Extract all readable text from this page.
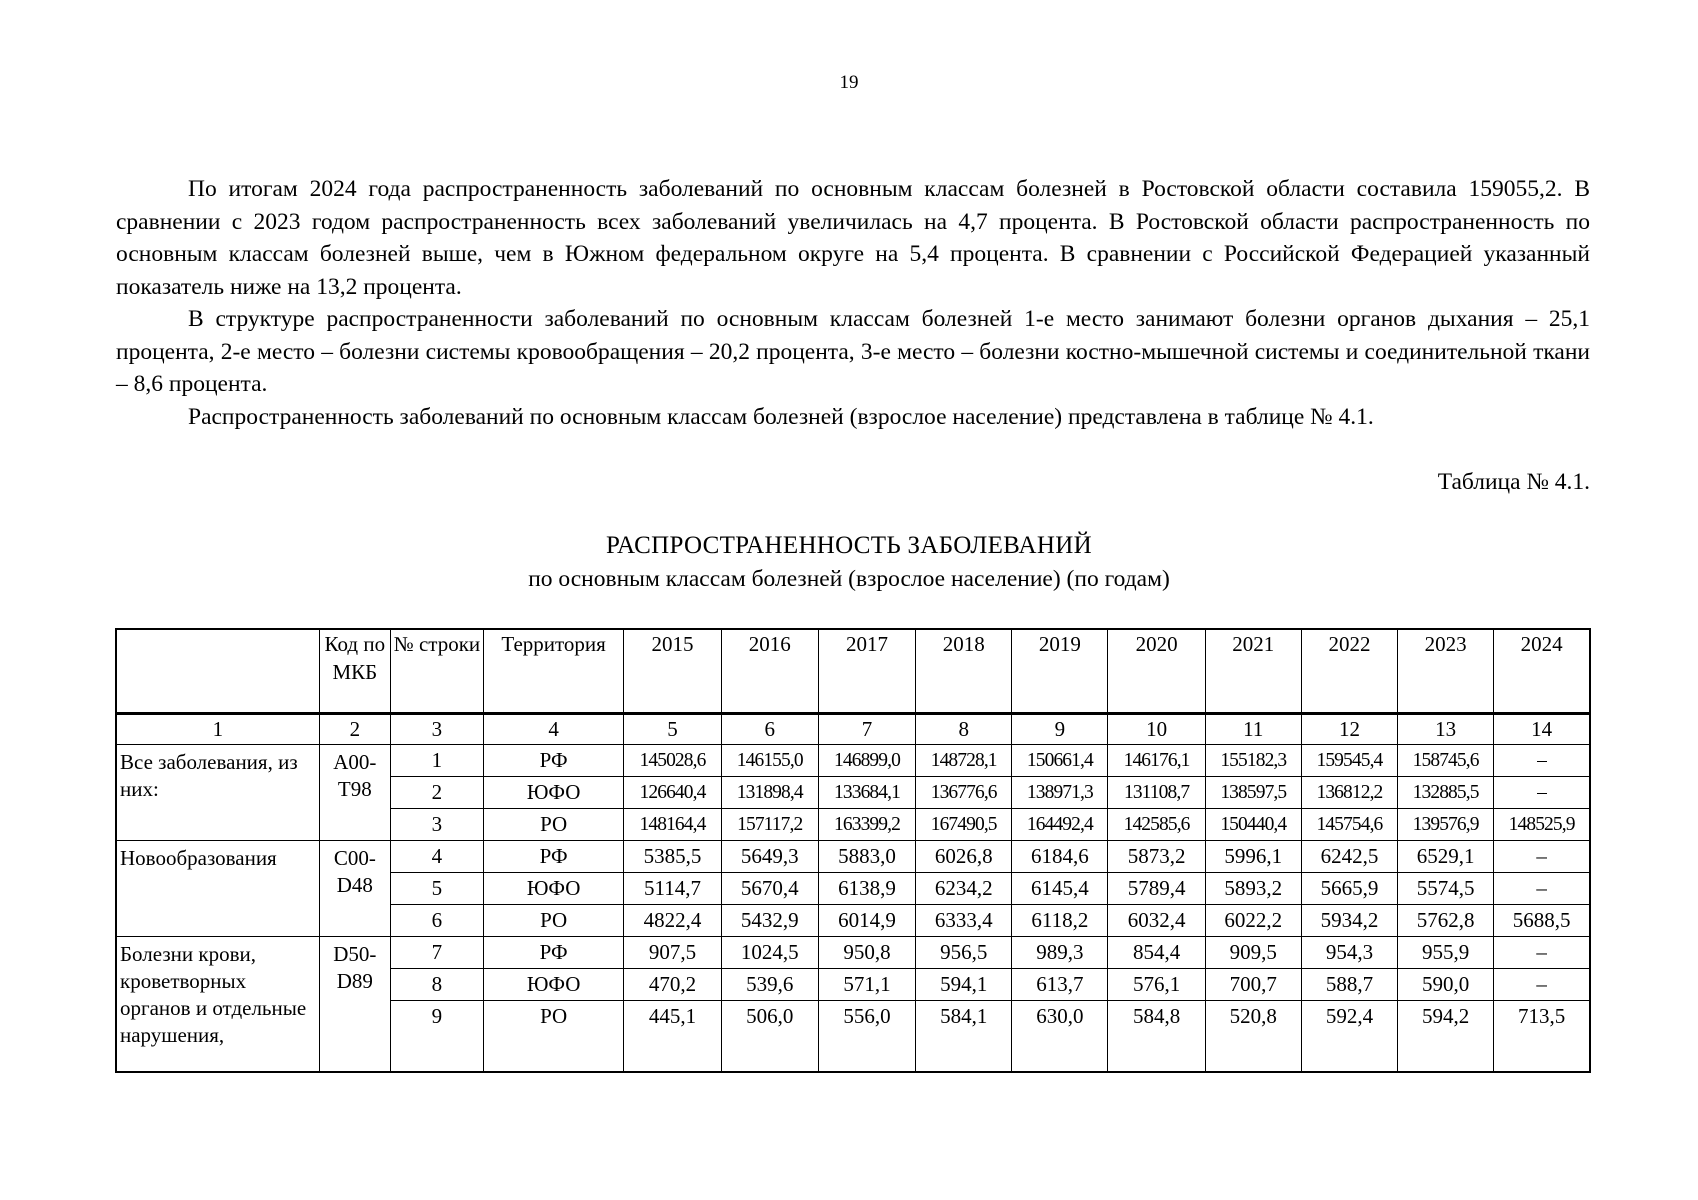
19

По итогам 2024 года распространенность заболеваний по основным классам болезней в Ростовской области составила 159055,2. В сравнении с 2023 годом распространенность всех заболеваний увеличилась на 4,7 процента. В Ростовской области распространенность по основным классам болезней выше, чем в Южном федеральном округе на 5,4 процента. В сравнении с Российской Федерацией указанный показатель ниже на 13,2 процента.

В структуре распространенности заболеваний по основным классам болезней 1-е место занимают болезни органов дыхания – 25,1 процента, 2-е место – болезни системы кровообращения – 20,2 процента, 3-е место – болезни костно-мышечной системы и соединительной ткани – 8,6 процента.

Распространенность заболеваний по основным классам болезней (взрослое население) представлена в таблице № 4.1.

Таблица № 4.1.
РАСПРОСТРАНЕННОСТЬ ЗАБОЛЕВАНИЙ
по основным классам болезней (взрослое население) (по годам)
	Код по МКБ	№ строки	Территория	2015	2016	2017	2018	2019	2020	2021	2022	2023	2024
1	2	3	4	5	6	7	8	9	10	11	12	13	14
Все заболевания, из них:	A00-T98	1	РФ	145028,6	146155,0	146899,0	148728,1	150661,4	146176,1	155182,3	159545,4	158745,6	–
		2	ЮФО	126640,4	131898,4	133684,1	136776,6	138971,3	131108,7	138597,5	136812,2	132885,5	–
		3	РО	148164,4	157117,2	163399,2	167490,5	164492,4	142585,6	150440,4	145754,6	139576,9	148525,9
Новообразования	C00-D48	4	РФ	5385,5	5649,3	5883,0	6026,8	6184,6	5873,2	5996,1	6242,5	6529,1	–
		5	ЮФО	5114,7	5670,4	6138,9	6234,2	6145,4	5789,4	5893,2	5665,9	5574,5	–
		6	РО	4822,4	5432,9	6014,9	6333,4	6118,2	6032,4	6022,2	5934,2	5762,8	5688,5
Болезни крови, кроветворных органов и отдельные нарушения,	D50-D89	7	РФ	907,5	1024,5	950,8	956,5	989,3	854,4	909,5	954,3	955,9	–
		8	ЮФО	470,2	539,6	571,1	594,1	613,7	576,1	700,7	588,7	590,0	–
		9	РО	445,1	506,0	556,0	584,1	630,0	584,8	520,8	592,4	594,2	713,5
